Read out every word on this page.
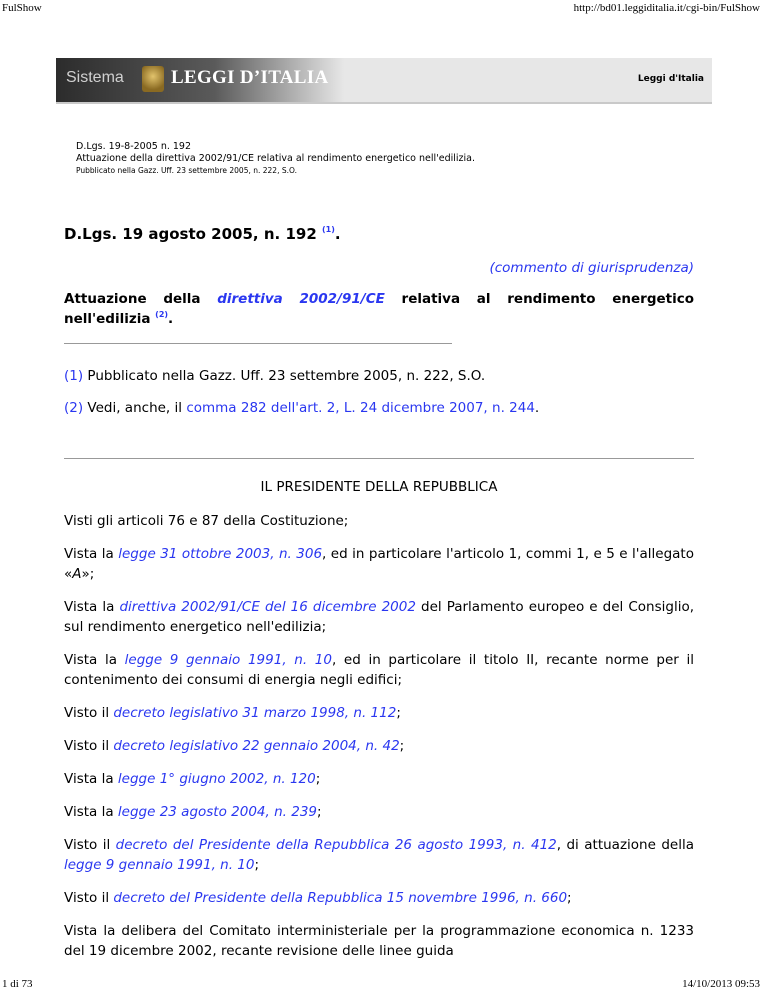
FulShow	http://bd01.leggiditalia.it/cgi-bin/FulShow
Sistema LEGGI D’ITALIA	Leggi d'Italia
D.Lgs. 19-8-2005 n. 192
Attuazione della direttiva 2002/91/CE relativa al rendimento energetico nell'edilizia.
Pubblicato nella Gazz. Uff. 23 settembre 2005, n. 222, S.O.
D.Lgs. 19 agosto 2005, n. 192 $^{(1)}$.
(commento di giurisprudenza)
Attuazione della direttiva 2002/91/CE relativa al rendimento energetico nell'edilizia $^{(2)}$.
(1) Pubblicato nella Gazz. Uff. 23 settembre 2005, n. 222, S.O.
(2) Vedi, anche, il comma 282 dell'art. 2, L. 24 dicembre 2007, n. 244.
IL PRESIDENTE DELLA REPUBBLICA
Visti gli articoli 76 e 87 della Costituzione;
Vista la legge 31 ottobre 2003, n. 306, ed in particolare l'articolo 1, commi 1, e 5 e l'allegato «A»;
Vista la direttiva 2002/91/CE del 16 dicembre 2002 del Parlamento europeo e del Consiglio, sul rendimento energetico nell'edilizia;
Vista la legge 9 gennaio 1991, n. 10, ed in particolare il titolo II, recante norme per il contenimento dei consumi di energia negli edifici;
Visto il decreto legislativo 31 marzo 1998, n. 112;
Visto il decreto legislativo 22 gennaio 2004, n. 42;
Vista la legge 1° giugno 2002, n. 120;
Vista la legge 23 agosto 2004, n. 239;
Visto il decreto del Presidente della Repubblica 26 agosto 1993, n. 412, di attuazione della legge 9 gennaio 1991, n. 10;
Visto il decreto del Presidente della Repubblica 15 novembre 1996, n. 660;
Vista la delibera del Comitato interministeriale per la programmazione economica n. 1233 del 19 dicembre 2002, recante revisione delle linee guida
1 di 73	14/10/2013 09:53
